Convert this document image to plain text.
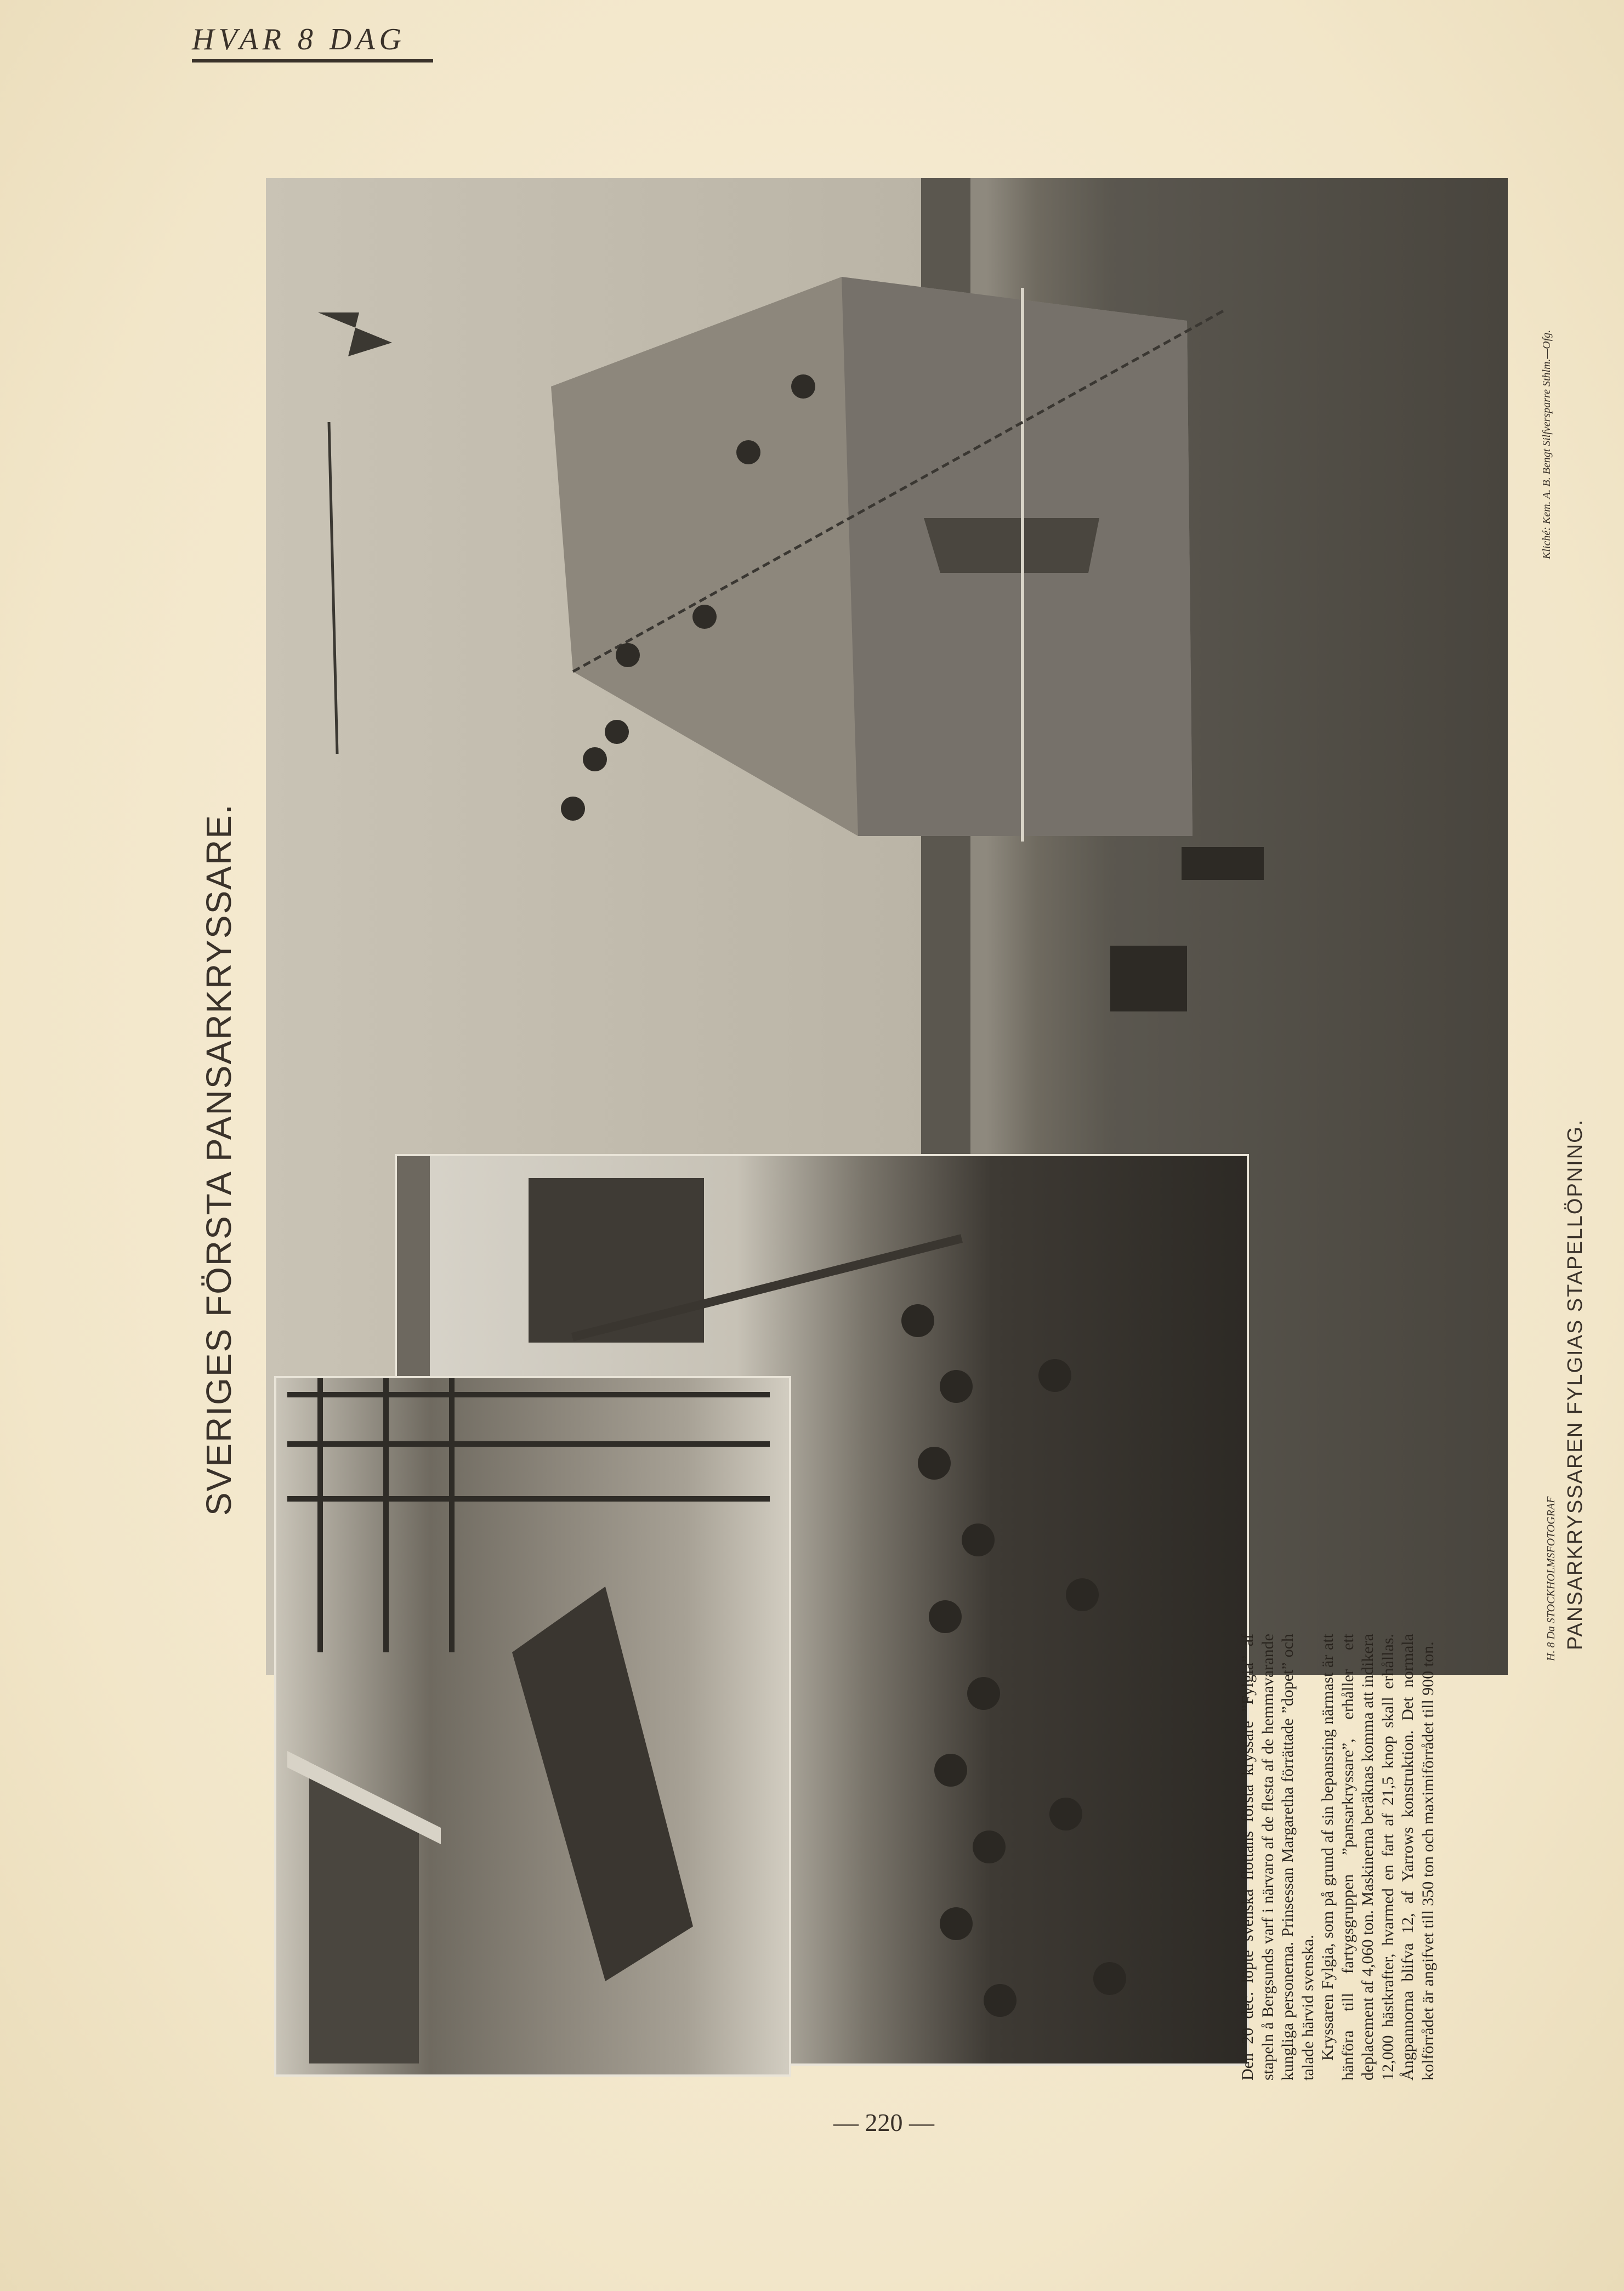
HVAR 8 DAG
SVERIGES FÖRSTA PANSARKRYSSARE.	PANSARKRYSSAREN FYLGIAS STAPELLÖPNING.
Kliché: Kem. A. B. Bengt Silfversparre Sthlm.—Ofg.
H. 8 Da STOCKHOLMSFOTOGRAF

Den 20 dec. löpte svenska flottans första kryssare ”Fylgia” af stapeln å Bergsunds varf i närvaro af de flesta af de hemmavarande kungliga personerna. Prinsessan Margaretha förrättade ”dopet” och talade härvid svenska. Kryssaren Fylgia, som på grund af sin bepansring närmast är att hänföra till fartygsgruppen ”pansarkryssare”, erhåller ett deplacement af 4,060 ton. Maskinerna beräknas komma att indikera 12,000 hästkrafter, hvarmed en fart af 21,5 knop skall erhållas. Ångpannorna blifva 12, af Yarrows konstruktion. Det normala kolförrådet är angifvet till 350 ton och maximiförrådet till 900 ton.

— 220 —
